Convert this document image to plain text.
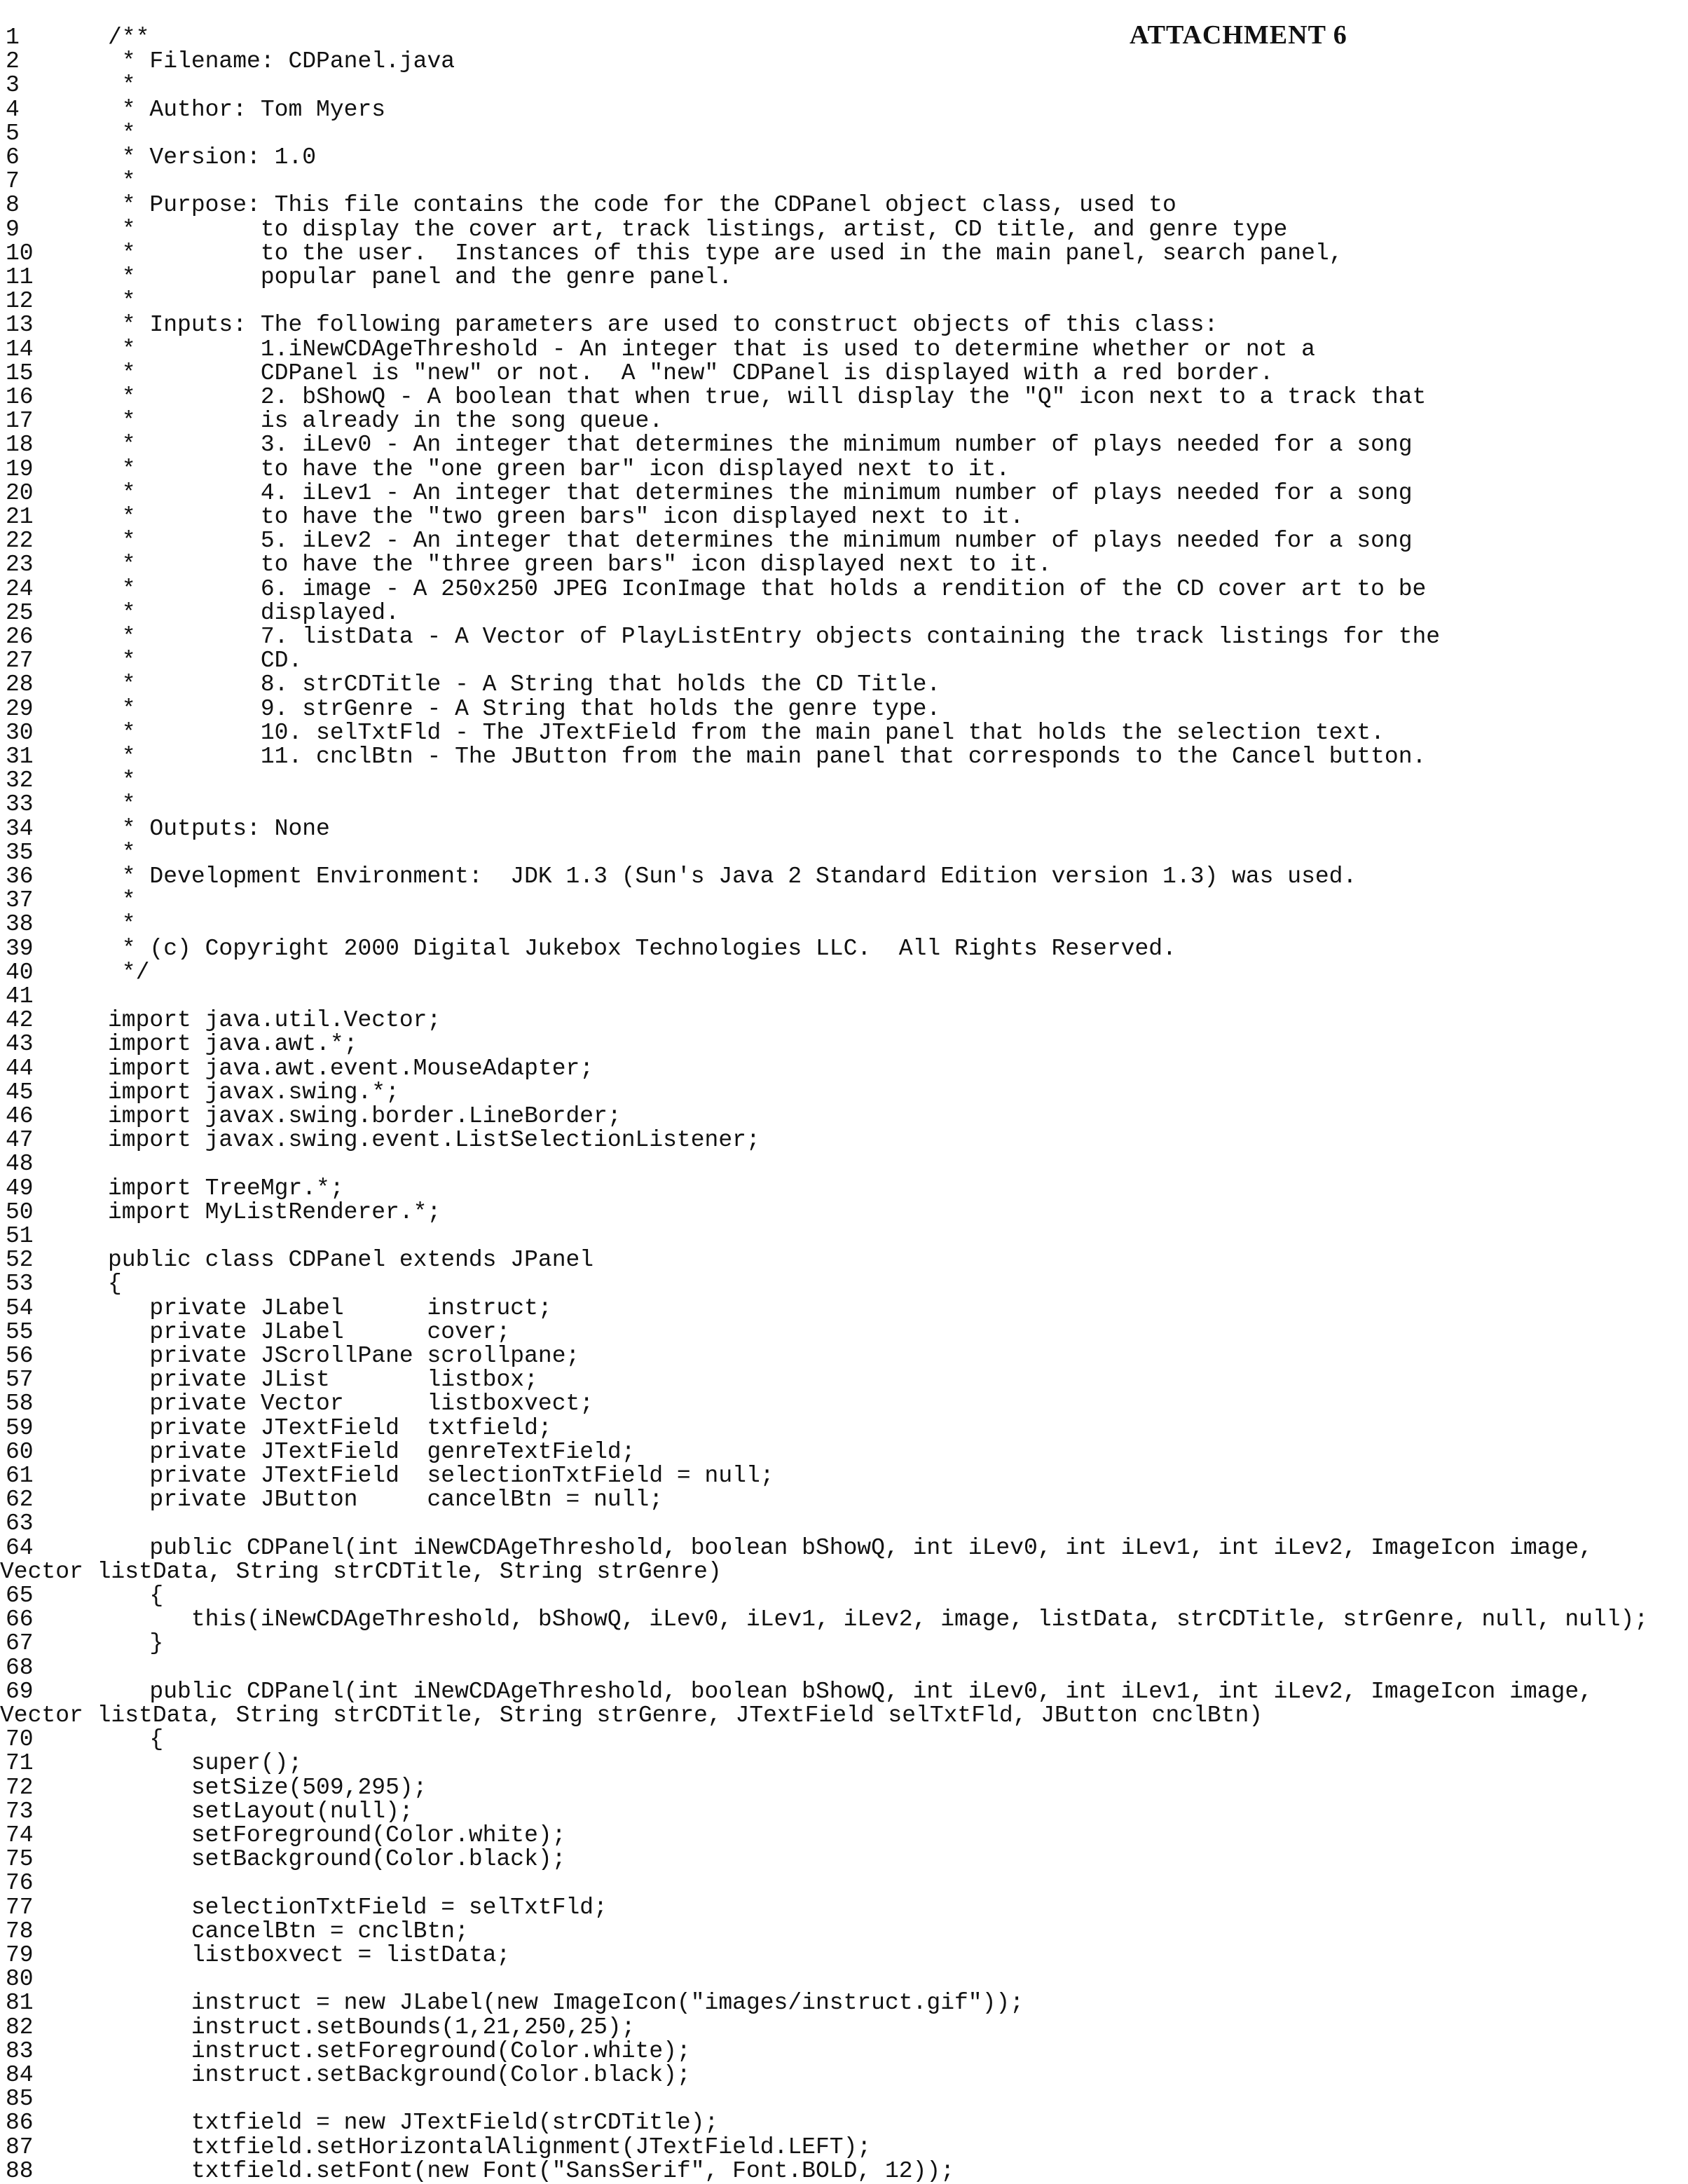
ATTACHMENT 6
1	/**
2	* Filename: CDPanel.java
3	*
4	* Author: Tom Myers
5	*
6	* Version: 1.0
7	*
8	* Purpose: This file contains the code for the CDPanel object class, used to
9	*         to display the cover art, track listings, artist, CD title, and genre type
10	*         to the user.  Instances of this type are used in the main panel, search panel,
11	*         popular panel and the genre panel.
12	*
13	* Inputs: The following parameters are used to construct objects of this class:
14	*         1.iNewCDAgeThreshold - An integer that is used to determine whether or not a
15	*         CDPanel is "new" or not.  A "new" CDPanel is displayed with a red border.
16	*         2. bShowQ - A boolean that when true, will display the "Q" icon next to a track that
17	*         is already in the song queue.
18	*         3. iLev0 - An integer that determines the minimum number of plays needed for a song
19	*         to have the "one green bar" icon displayed next to it.
20	*         4. iLev1 - An integer that determines the minimum number of plays needed for a song
21	*         to have the "two green bars" icon displayed next to it.
22	*         5. iLev2 - An integer that determines the minimum number of plays needed for a song
23	*         to have the "three green bars" icon displayed next to it.
24	*         6. image - A 250x250 JPEG IconImage that holds a rendition of the CD cover art to be
25	*         displayed.
26	*         7. listData - A Vector of PlayListEntry objects containing the track listings for the
27	*         CD.
28	*         8. strCDTitle - A String that holds the CD Title.
29	*         9. strGenre - A String that holds the genre type.
30	*         10. selTxtFld - The JTextField from the main panel that holds the selection text.
31	*         11. cnclBtn - The JButton from the main panel that corresponds to the Cancel button.
32	*
33	*
34	* Outputs: None
35	*
36	* Development Environment:  JDK 1.3 (Sun's Java 2 Standard Edition version 1.3) was used.
37	*
38	*
39	* (c) Copyright 2000 Digital Jukebox Technologies LLC.  All Rights Reserved.
40	*/
41
42	import java.util.Vector;
43	import java.awt.*;
44	import java.awt.event.MouseAdapter;
45	import javax.swing.*;
46	import javax.swing.border.LineBorder;
47	import javax.swing.event.ListSelectionListener;
48
49	import TreeMgr.*;
50	import MyListRenderer.*;
51
52	public class CDPanel extends JPanel
53	{
54	private JLabel      instruct;
55	private JLabel      cover;
56	private JScrollPane scrollpane;
57	private JList       listbox;
58	private Vector      listboxvect;
59	private JTextField  txtfield;
60	private JTextField  genreTextField;
61	private JTextField  selectionTxtField = null;
62	private JButton     cancelBtn = null;
63
64	public CDPanel(int iNewCDAgeThreshold, boolean bShowQ, int iLev0, int iLev1, int iLev2, ImageIcon image,
Vector listData, String strCDTitle, String strGenre)
65	{
66	this(iNewCDAgeThreshold, bShowQ, iLev0, iLev1, iLev2, image, listData, strCDTitle, strGenre, null, null);
67	}
68
69	public CDPanel(int iNewCDAgeThreshold, boolean bShowQ, int iLev0, int iLev1, int iLev2, ImageIcon image,
Vector listData, String strCDTitle, String strGenre, JTextField selTxtFld, JButton cnclBtn)
70	{
71	super();
72	setSize(509,295);
73	setLayout(null);
74	setForeground(Color.white);
75	setBackground(Color.black);
76
77	selectionTxtField = selTxtFld;
78	cancelBtn = cnclBtn;
79	listboxvect = listData;
80
81	instruct = new JLabel(new ImageIcon("images/instruct.gif"));
82	instruct.setBounds(1,21,250,25);
83	instruct.setForeground(Color.white);
84	instruct.setBackground(Color.black);
85
86	txtfield = new JTextField(strCDTitle);
87	txtfield.setHorizontalAlignment(JTextField.LEFT);
88	txtfield.setFont(new Font("SansSerif", Font.BOLD, 12));
